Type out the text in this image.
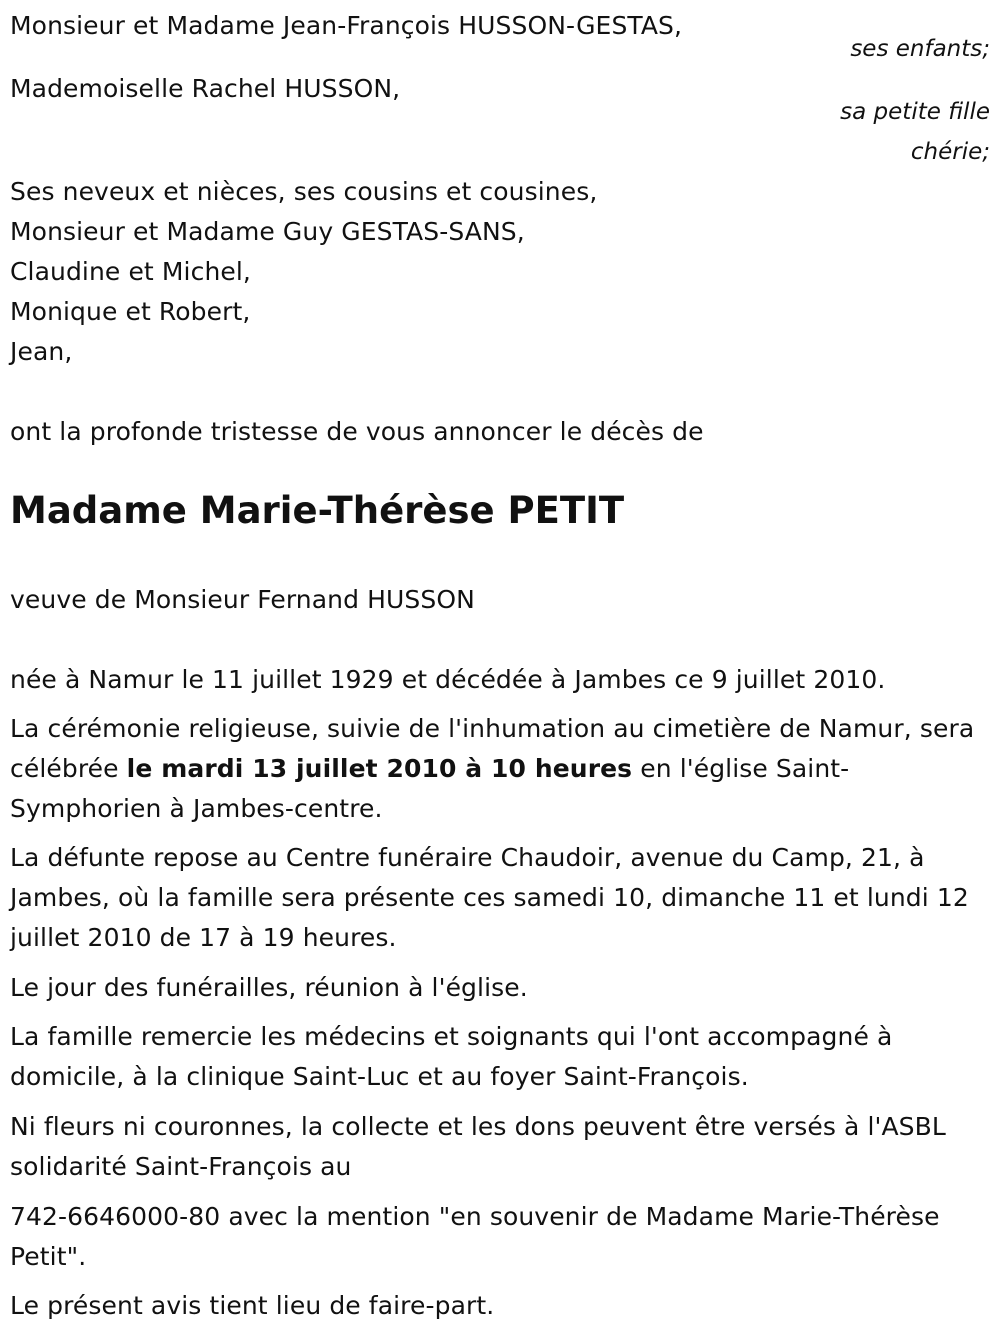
Monsieur et Madame Jean-François HUSSON-GESTAS,
ses enfants;
Mademoiselle Rachel HUSSON,
sa petite fille
chérie;
Ses neveux et nièces, ses cousins et cousines,
Monsieur et Madame Guy GESTAS-SANS,
Claudine et Michel,
Monique et Robert,
Jean,
ont la profonde tristesse de vous annoncer le décès de
Madame Marie-Thérèse PETIT
veuve de Monsieur Fernand HUSSON
née à Namur le 11 juillet 1929 et décédée à Jambes ce 9 juillet 2010.
La cérémonie religieuse, suivie de l'inhumation au cimetière de Namur, sera célébrée le mardi 13 juillet 2010 à 10 heures en l'église Saint-Symphorien à Jambes-centre.
La défunte repose au Centre funéraire Chaudoir, avenue du Camp, 21, à Jambes, où la famille sera présente ces samedi 10, dimanche 11 et lundi 12 juillet 2010 de 17 à 19 heures.
Le jour des funérailles, réunion à l'église.
La famille remercie les médecins et soignants qui l'ont accompagné à domicile, à la clinique Saint-Luc et au foyer Saint-François.
Ni fleurs ni couronnes, la collecte et les dons peuvent être versés à l'ASBL solidarité Saint-François au
742-6646000-80 avec la mention "en souvenir de Madame Marie-Thérèse Petit".
Le présent avis tient lieu de faire-part.
